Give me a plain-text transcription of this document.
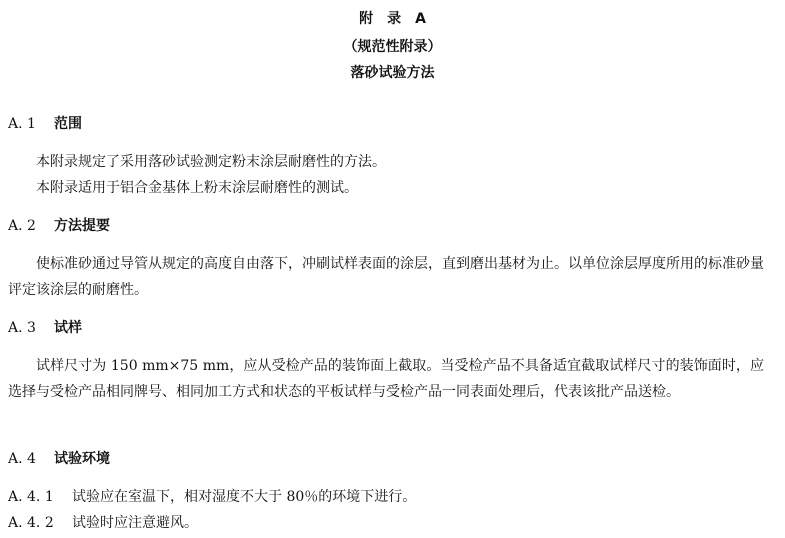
附　录　A
（规范性附录）
落砂试验方法
A. 1 范围
本附录规定了采用落砂试验测定粉末涂层耐磨性的方法。
本附录适用于铝合金基体上粉末涂层耐磨性的测试。
A. 2 方法提要
使标准砂通过导管从规定的高度自由落下，冲刷试样表面的涂层，直到磨出基材为止。以单位涂层厚度所用的标准砂量评定该涂层的耐磨性。
A. 3 试样
试样尺寸为 150 mm×75 mm，应从受检产品的装饰面上截取。当受检产品不具备适宜截取试样尺寸的装饰面时，应选择与受检产品相同牌号、相同加工方式和状态的平板试样与受检产品一同表面处理后，代表该批产品送检。
A. 4 试验环境
A. 4. 1 试验应在室温下，相对湿度不大于 80％的环境下进行。
A. 4. 2 试验时应注意避风。
